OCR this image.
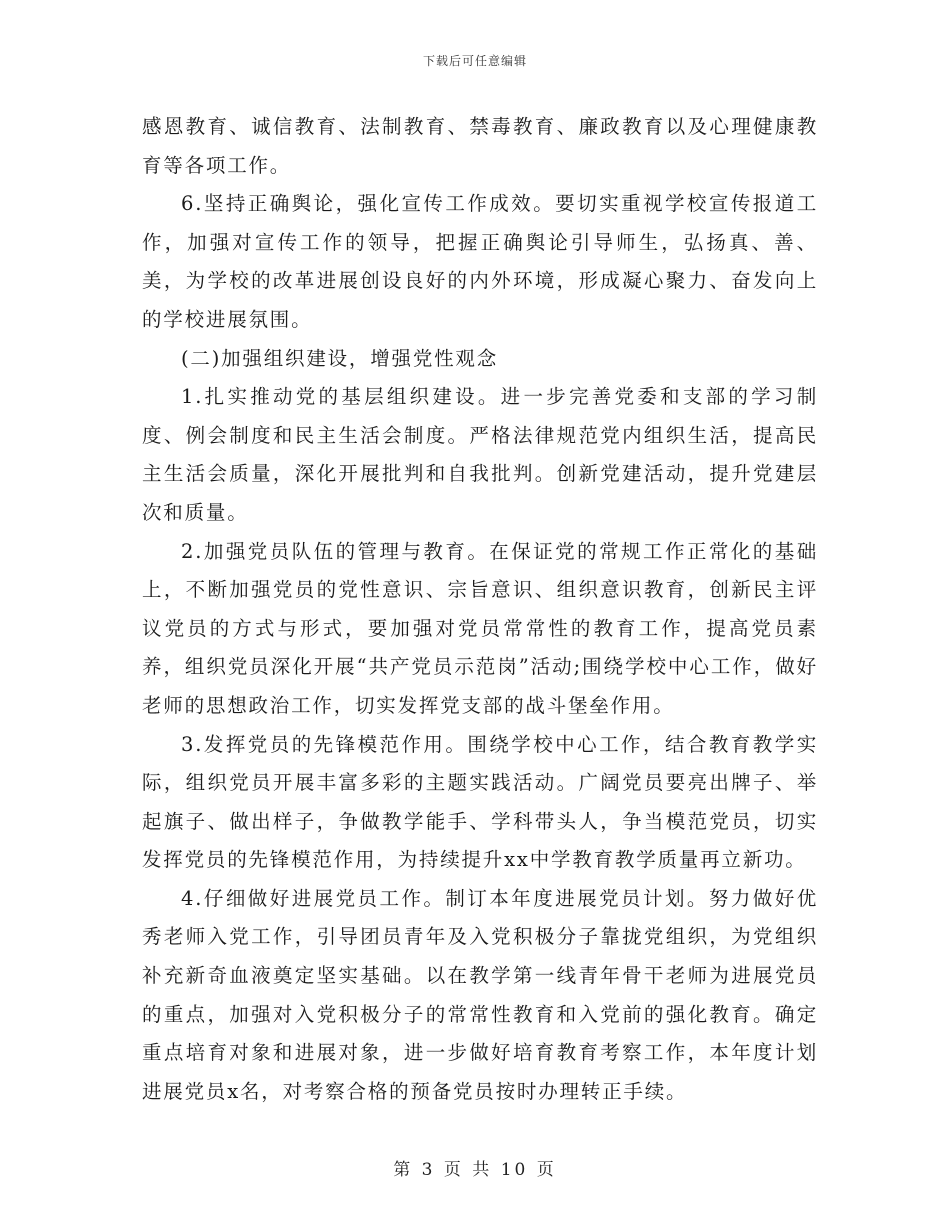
下载后可任意编辑

感恩教育、诚信教育、法制教育、禁毒教育、廉政教育以及心理健康教育等各项工作。

6.坚持正确舆论，强化宣传工作成效。要切实重视学校宣传报道工作，加强对宣传工作的领导，把握正确舆论引导师生，弘扬真、善、美，为学校的改革进展创设良好的内外环境，形成凝心聚力、奋发向上的学校进展氛围。

(二)加强组织建设，增强党性观念

1.扎实推动党的基层组织建设。进一步完善党委和支部的学习制度、例会制度和民主生活会制度。严格法律规范党内组织生活，提高民主生活会质量，深化开展批判和自我批判。创新党建活动，提升党建层次和质量。

2.加强党员队伍的管理与教育。在保证党的常规工作正常化的基础上，不断加强党员的党性意识、宗旨意识、组织意识教育，创新民主评议党员的方式与形式，要加强对党员常常性的教育工作，提高党员素养，组织党员深化开展“共产党员示范岗”活动;围绕学校中心工作，做好老师的思想政治工作，切实发挥党支部的战斗堡垒作用。

3.发挥党员的先锋模范作用。围绕学校中心工作，结合教育教学实际，组织党员开展丰富多彩的主题实践活动。广阔党员要亮出牌子、举起旗子、做出样子，争做教学能手、学科带头人，争当模范党员，切实发挥党员的先锋模范作用，为持续提升xx中学教育教学质量再立新功。

4.仔细做好进展党员工作。制订本年度进展党员计划。努力做好优秀老师入党工作，引导团员青年及入党积极分子靠拢党组织，为党组织补充新奇血液奠定坚实基础。以在教学第一线青年骨干老师为进展党员的重点，加强对入党积极分子的常常性教育和入党前的强化教育。确定重点培育对象和进展对象，进一步做好培育教育考察工作，本年度计划进展党员x名，对考察合格的预备党员按时办理转正手续。

第 3 页 共 10 页
